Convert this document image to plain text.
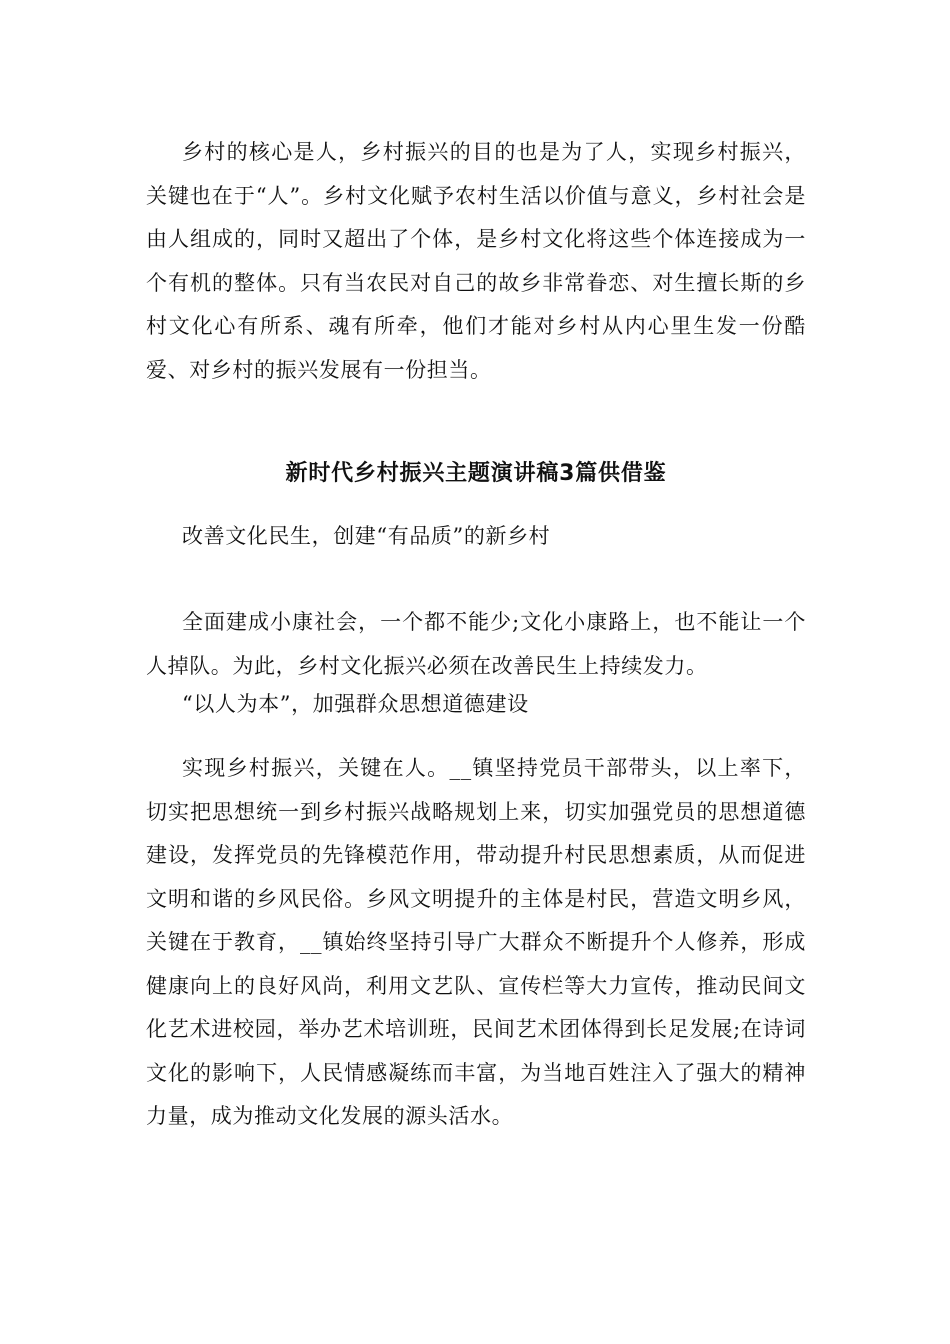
乡村的核心是人，乡村振兴的目的也是为了人，实现乡村振兴，关键也在于“人”。乡村文化赋予农村生活以价值与意义，乡村社会是由人组成的，同时又超出了个体，是乡村文化将这些个体连接成为一个有机的整体。只有当农民对自己的故乡非常眷恋、对生擅长斯的乡村文化心有所系、魂有所牵，他们才能对乡村从内心里生发一份酷爱、对乡村的振兴发展有一份担当。

新时代乡村振兴主题演讲稿3篇供借鉴

改善文化民生，创建“有品质”的新乡村

全面建成小康社会，一个都不能少;文化小康路上，也不能让一个人掉队。为此，乡村文化振兴必须在改善民生上持续发力。

“以人为本”，加强群众思想道德建设

实现乡村振兴，关键在人。__镇坚持党员干部带头，以上率下，切实把思想统一到乡村振兴战略规划上来，切实加强党员的思想道德建设，发挥党员的先锋模范作用，带动提升村民思想素质，从而促进文明和谐的乡风民俗。乡风文明提升的主体是村民，营造文明乡风，关键在于教育，__镇始终坚持引导广大群众不断提升个人修养，形成健康向上的良好风尚，利用文艺队、宣传栏等大力宣传，推动民间文化艺术进校园，举办艺术培训班，民间艺术团体得到长足发展;在诗词文化的影响下，人民情感凝练而丰富，为当地百姓注入了强大的精神力量，成为推动文化发展的源头活水。
